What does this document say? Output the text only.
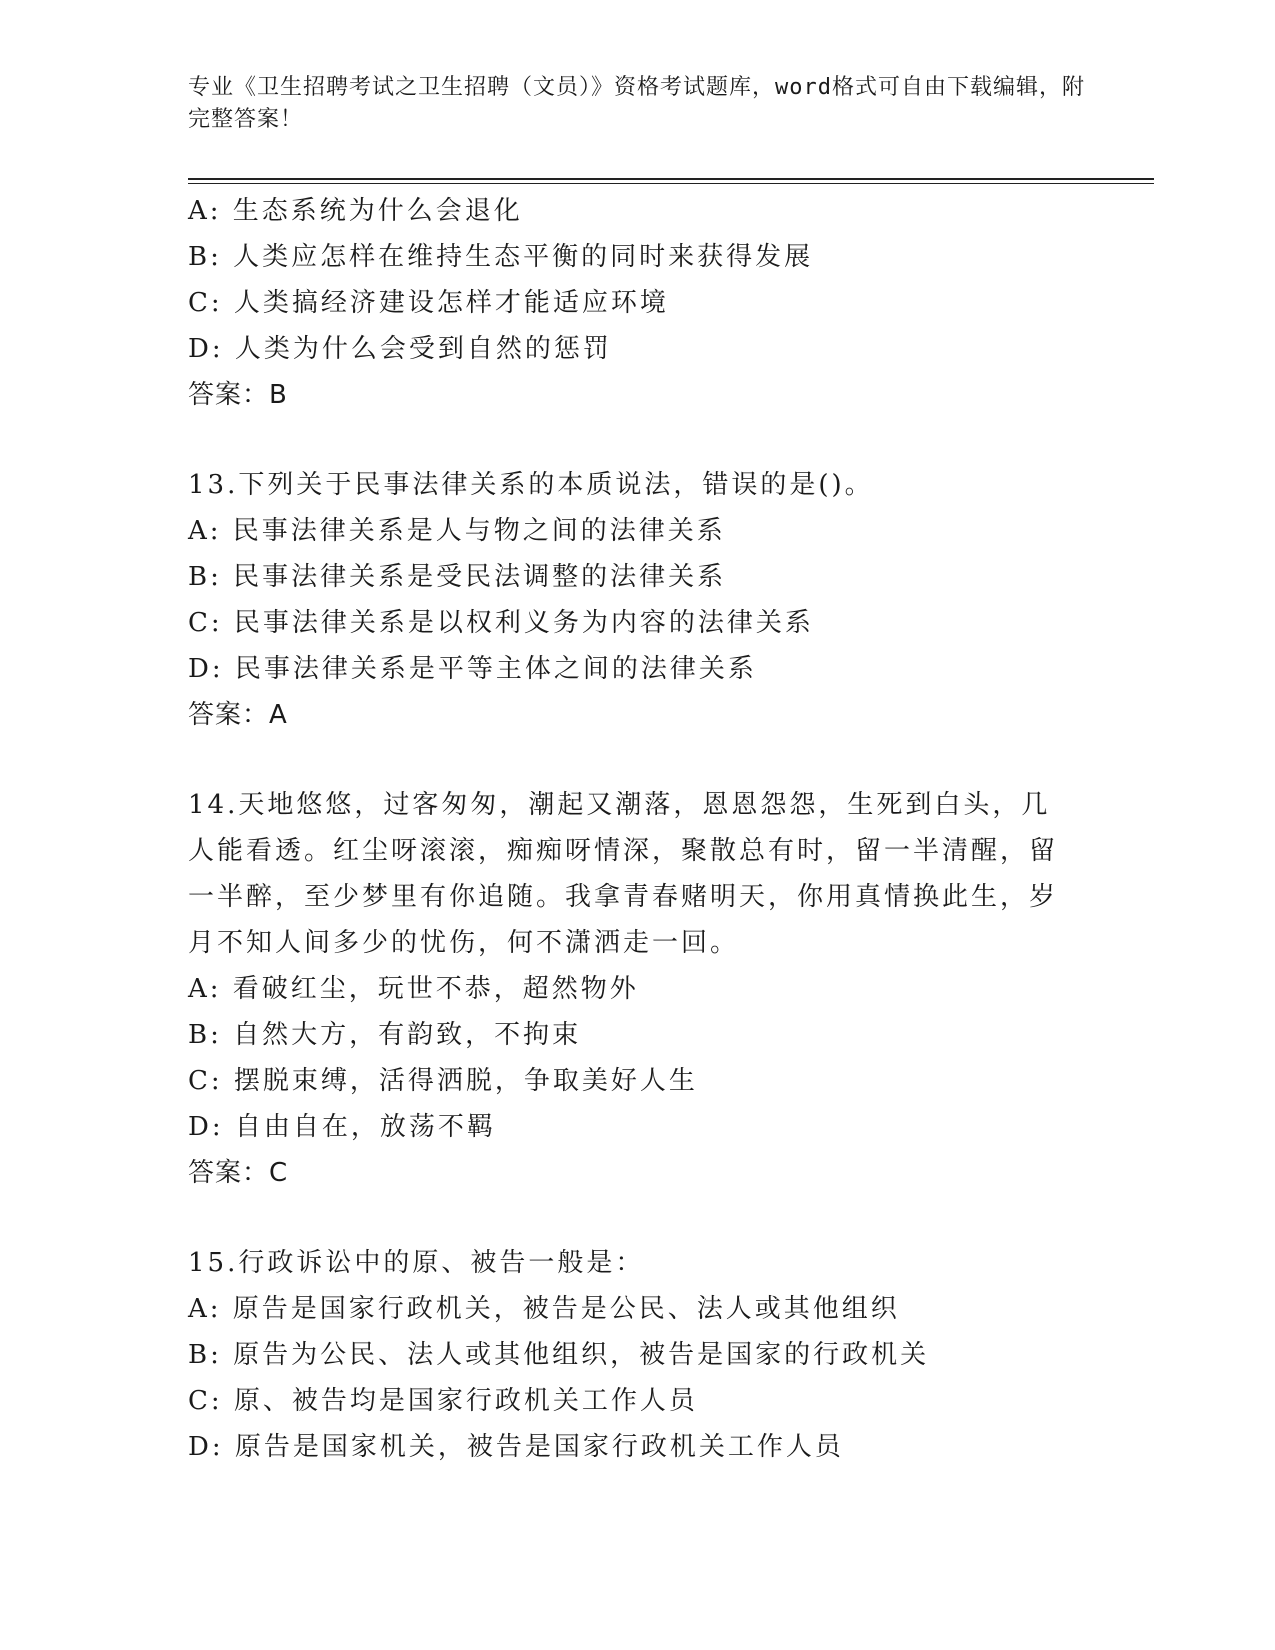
专业《卫生招聘考试之卫生招聘（文员）》资格考试题库，word格式可自由下载编辑，附完整答案！
A: 生态系统为什么会退化
B: 人类应怎样在维持生态平衡的同时来获得发展
C: 人类搞经济建设怎样才能适应环境
D: 人类为什么会受到自然的惩罚
答案：B
13.下列关于民事法律关系的本质说法，错误的是()。
A: 民事法律关系是人与物之间的法律关系
B: 民事法律关系是受民法调整的法律关系
C: 民事法律关系是以权利义务为内容的法律关系
D: 民事法律关系是平等主体之间的法律关系
答案：A
14.天地悠悠，过客匆匆，潮起又潮落，恩恩怨怨，生死到白头，几人能看透。红尘呀滚滚，痴痴呀情深，聚散总有时，留一半清醒，留一半醉，至少梦里有你追随。我拿青春赌明天，你用真情换此生，岁月不知人间多少的忧伤，何不潇洒走一回。
A: 看破红尘，玩世不恭，超然物外
B: 自然大方，有韵致，不拘束
C: 摆脱束缚，活得洒脱，争取美好人生
D: 自由自在，放荡不羁
答案：C
15.行政诉讼中的原、被告一般是：
A: 原告是国家行政机关，被告是公民、法人或其他组织
B: 原告为公民、法人或其他组织，被告是国家的行政机关
C: 原、被告均是国家行政机关工作人员
D: 原告是国家机关，被告是国家行政机关工作人员
